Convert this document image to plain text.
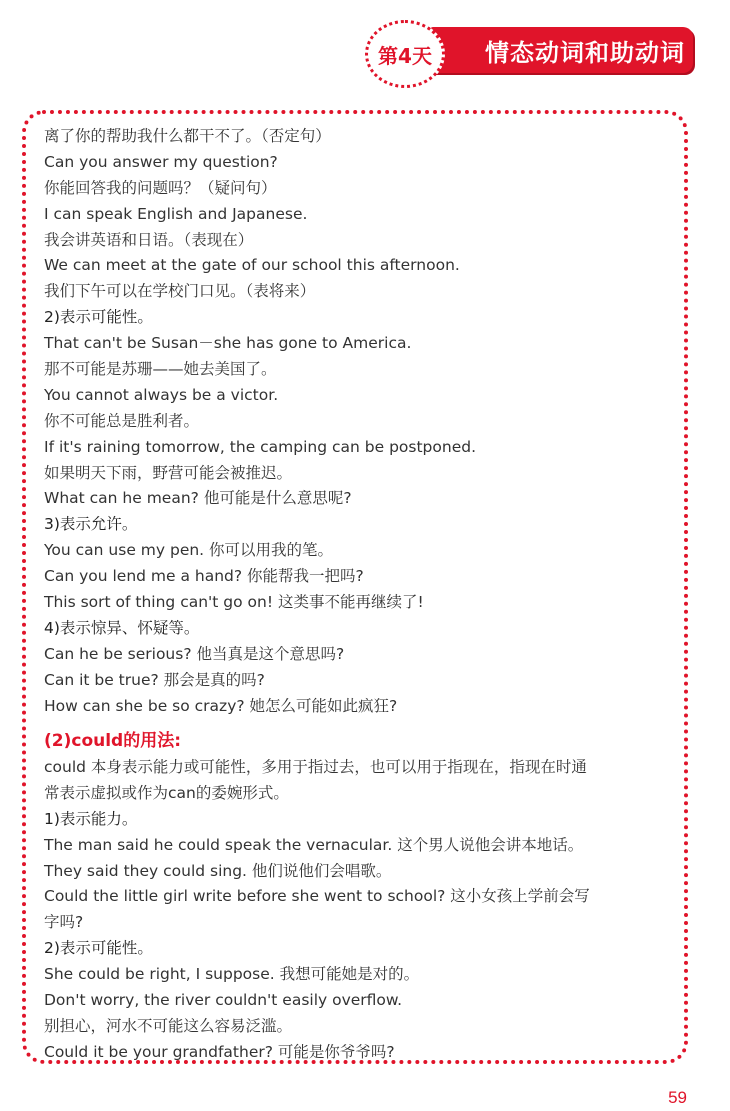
第4天 情态动词和助动词
离了你的帮助我什么都干不了。（否定句）
Can you answer my question?
你能回答我的问题吗？（疑问句）
I can speak English and Japanese.
我会讲英语和日语。（表现在）
We can meet at the gate of our school this afternoon.
我们下午可以在学校门口见。（表将来）
2)表示可能性。
That can't be Susan－she has gone to America.
那不可能是苏珊——她去美国了。
You cannot always be a victor.
你不可能总是胜利者。
If it's raining tomorrow, the camping can be postponed.
如果明天下雨，野营可能会被推迟。
What can he mean? 他可能是什么意思呢?
3)表示允许。
You can use my pen. 你可以用我的笔。
Can you lend me a hand? 你能帮我一把吗?
This sort of thing can't go on! 这类事不能再继续了!
4)表示惊异、怀疑等。
Can he be serious? 他当真是这个意思吗?
Can it be true? 那会是真的吗?
How can she be so crazy? 她怎么可能如此疯狂?
(2)could的用法:
could 本身表示能力或可能性，多用于指过去，也可以用于指现在，指现在时通
常表示虚拟或作为can的委婉形式。
1)表示能力。
The man said he could speak the vernacular. 这个男人说他会讲本地话。
They said they could sing. 他们说他们会唱歌。
Could the little girl write before she went to school? 这小女孩上学前会写
字吗?
2)表示可能性。
She could be right, I suppose. 我想可能她是对的。
Don't worry, the river couldn't easily overflow.
别担心，河水不可能这么容易泛滥。
Could it be your grandfather? 可能是你爷爷吗?
59
